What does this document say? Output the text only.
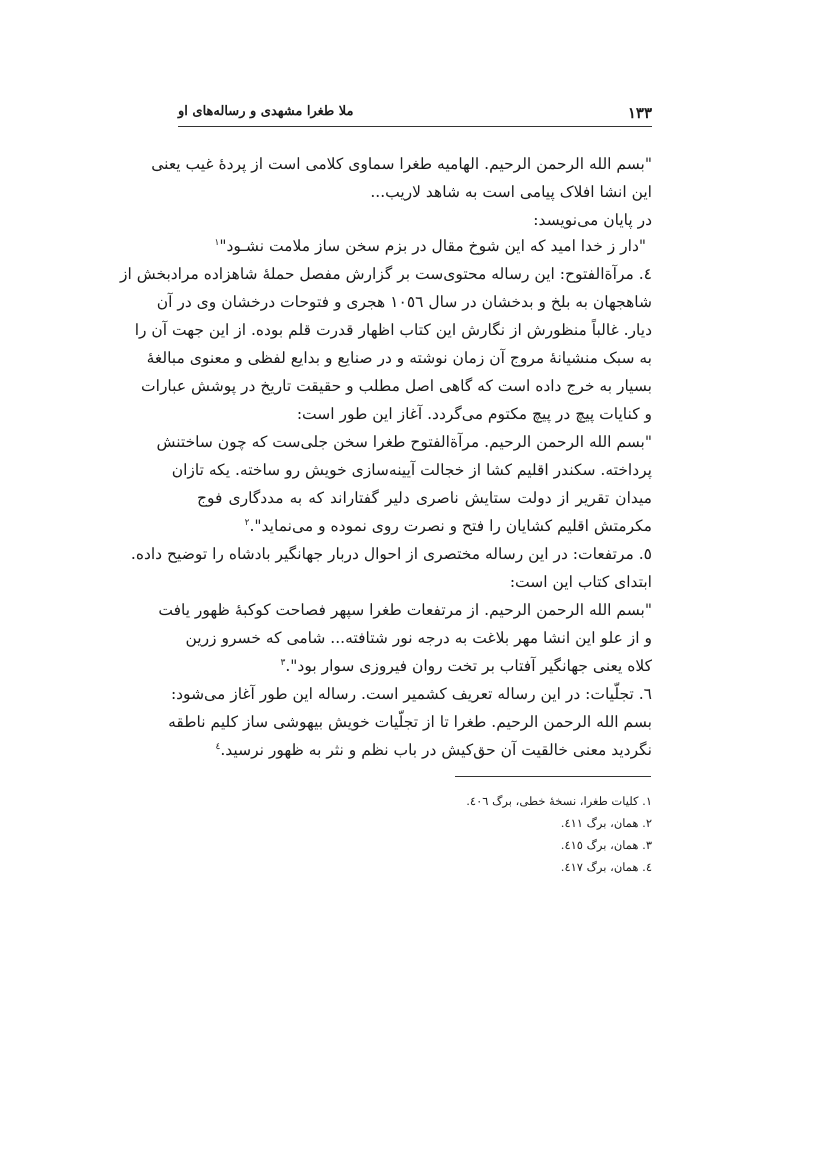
١٣٣
ملا طغرا مشهدی و رساله‌های او
"بسم الله الرحمن الرحیم. الهامیه طغرا سماوی کلامی است از پردهٔ غیب یعنی
این انشا افلاک پیامی است به شاهد لاریب...
در پایان می‌نویسد:
"دار ز خدا امید که این شوخ مقال در بزم سخن ساز ملامت نشـود"$^١$
٤. مرآةالفتوح: این رساله محتوی‌ست بر گزارش مفصل حملهٔ شاهزاده مرادبخش از
شاهجهان به بلخ و بدخشان در سال ١٠٥٦ هجری و فتوحات درخشان وی در آن
دیار. غالباً منظورش از نگارش این کتاب اظهار قدرت قلم بوده. از این جهت آن را
به سبک منشیانهٔ مروج آن زمان نوشته و در صنایع و بدایع لفظی و معنوی مبالغهٔ
بسیار به خرج داده است که گاهی اصل مطلب و حقیقت تاریخ در پوشش عبارات
و کنایات پیچ در پیچ مکتوم می‌گردد. آغاز این طور است:
"بسم الله الرحمن الرحیم. مرآةالفتوح طغرا سخن جلی‌ست که چون ساختنش
پرداخته. سکندر اقلیم کشا از خجالت آیینه‌سازی خویش رو ساخته. یکه تازان
میدان تقریر از دولت ستایش ناصری دلیر گفتاراند که به مددگاری فوج
مکرمتش اقلیم کشایان را فتح و نصرت روی نموده و می‌نماید".$^٢$
٥. مرتفعات: در این رساله مختصری از احوال دربار جهانگیر بادشاه را توضیح داده.
ابتدای کتاب این است:
"بسم الله الرحمن الرحیم. از مرتفعات طغرا سپهر فصاحت کوکبهٔ ظهور یافت
و از علو این انشا مهر بلاغت به درجه نور شتافته... شامی که خسرو زرین
کلاه یعنی جهانگیر آفتاب بر تخت روان فیروزی سوار بود".$^٣$
٦. تجلّیات: در این رساله تعریف کشمیر است. رساله این طور آغاز می‌شود:
بسم الله الرحمن الرحیم. طغرا تا از تجلّیات خویش بیهوشی ساز کلیم ناطقه
نگردید معنی خالقیت آن حق‌کیش در باب نظم و نثر به ظهور نرسید.$^٤$
١. کلیات طغرا، نسخهٔ خطی، برگ ٤٠٦.
٢. همان، برگ ٤١١.
٣. همان، برگ ٤١٥.
٤. همان، برگ ٤١٧.
